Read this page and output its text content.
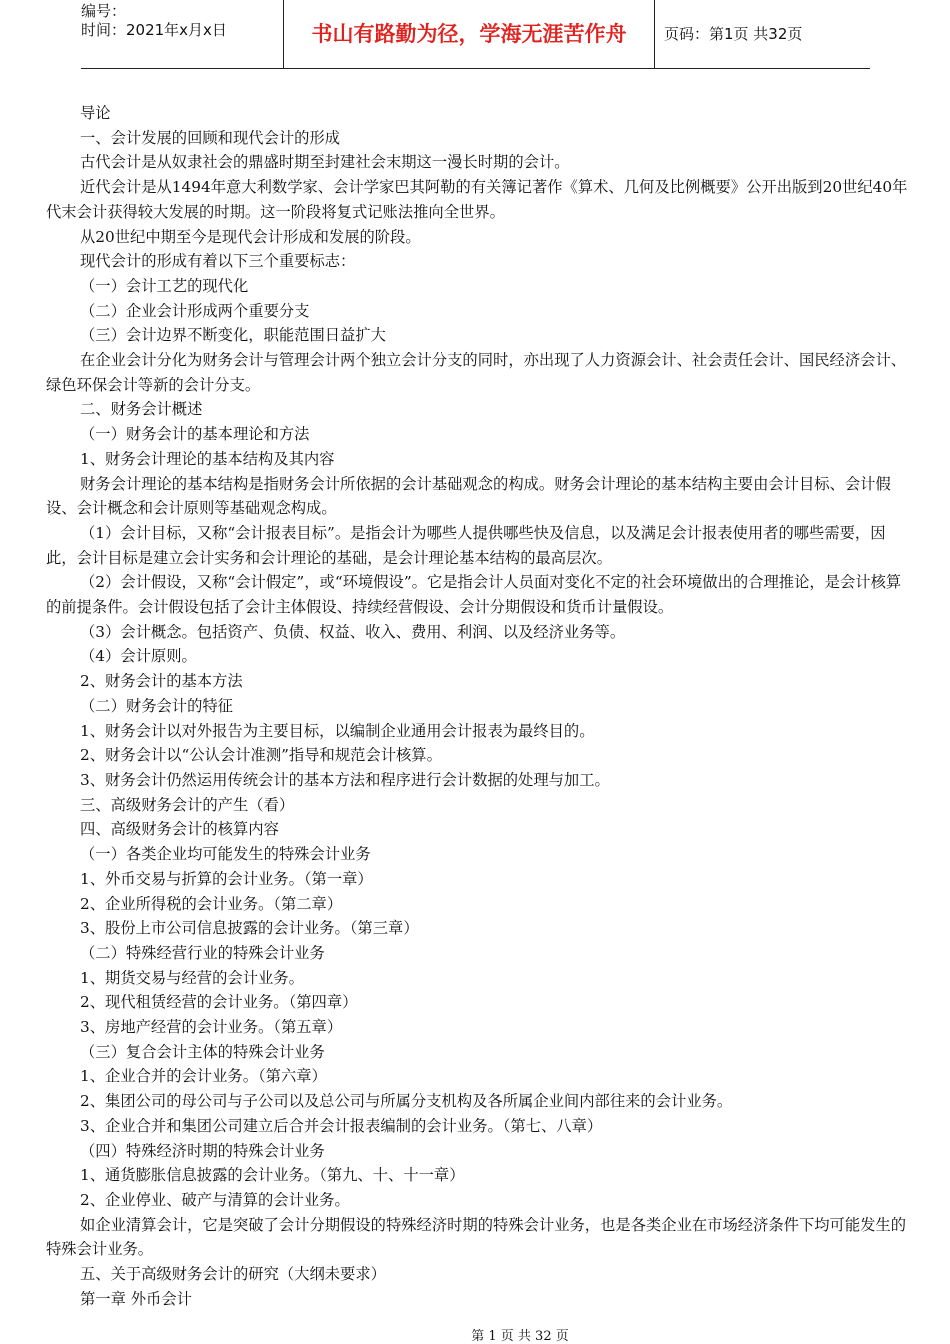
编号：
时间：2021年x月x日	书山有路勤为径，学海无涯苦作舟	页码：第1页 共32页

导论

一、会计发展的回顾和现代会计的形成

古代会计是从奴隶社会的鼎盛时期至封建社会末期这一漫长时期的会计。

近代会计是从1494年意大利数学家、会计学家巴其阿勒的有关簿记著作《算术、几何及比例概要》公开出版到20世纪40年代末会计获得较大发展的时期。这一阶段将复式记账法推向全世界。

从20世纪中期至今是现代会计形成和发展的阶段。

现代会计的形成有着以下三个重要标志：

（一）会计工艺的现代化

（二）企业会计形成两个重要分支

（三）会计边界不断变化，职能范围日益扩大

在企业会计分化为财务会计与管理会计两个独立会计分支的同时，亦出现了人力资源会计、社会责任会计、国民经济会计、绿色环保会计等新的会计分支。

二、财务会计概述

（一）财务会计的基本理论和方法

1、财务会计理论的基本结构及其内容

财务会计理论的基本结构是指财务会计所依据的会计基础观念的构成。财务会计理论的基本结构主要由会计目标、会计假设、会计概念和会计原则等基础观念构成。

（1）会计目标，又称“会计报表目标”。是指会计为哪些人提供哪些快及信息，以及满足会计报表使用者的哪些需要，因此，会计目标是建立会计实务和会计理论的基础，是会计理论基本结构的最高层次。

（2）会计假设，又称“会计假定”，或“环境假设”。它是指会计人员面对变化不定的社会环境做出的合理推论，是会计核算的前提条件。会计假设包括了会计主体假设、持续经营假设、会计分期假设和货币计量假设。

（3）会计概念。包括资产、负债、权益、收入、费用、利润、以及经济业务等。

（4）会计原则。

2、财务会计的基本方法

（二）财务会计的特征

1、财务会计以对外报告为主要目标，以编制企业通用会计报表为最终目的。

2、财务会计以“公认会计准测”指导和规范会计核算。

3、财务会计仍然运用传统会计的基本方法和程序进行会计数据的处理与加工。

三、高级财务会计的产生（看）

四、高级财务会计的核算内容

（一）各类企业均可能发生的特殊会计业务

1、外币交易与折算的会计业务。（第一章）

2、企业所得税的会计业务。（第二章）

3、股份上市公司信息披露的会计业务。（第三章）

（二）特殊经营行业的特殊会计业务

1、期货交易与经营的会计业务。

2、现代租赁经营的会计业务。（第四章）

3、房地产经营的会计业务。（第五章）

（三）复合会计主体的特殊会计业务

1、企业合并的会计业务。（第六章）

2、集团公司的母公司与子公司以及总公司与所属分支机构及各所属企业间内部往来的会计业务。

3、企业合并和集团公司建立后合并会计报表编制的会计业务。（第七、八章）

（四）特殊经济时期的特殊会计业务

1、通货膨胀信息披露的会计业务。（第九、十、十一章）

2、企业停业、破产与清算的会计业务。

如企业清算会计，它是突破了会计分期假设的特殊经济时期的特殊会计业务，也是各类企业在市场经济条件下均可能发生的特殊会计业务。

五、关于高级财务会计的研究（大纲未要求）

第一章 外币会计

第 1 页 共 32 页
